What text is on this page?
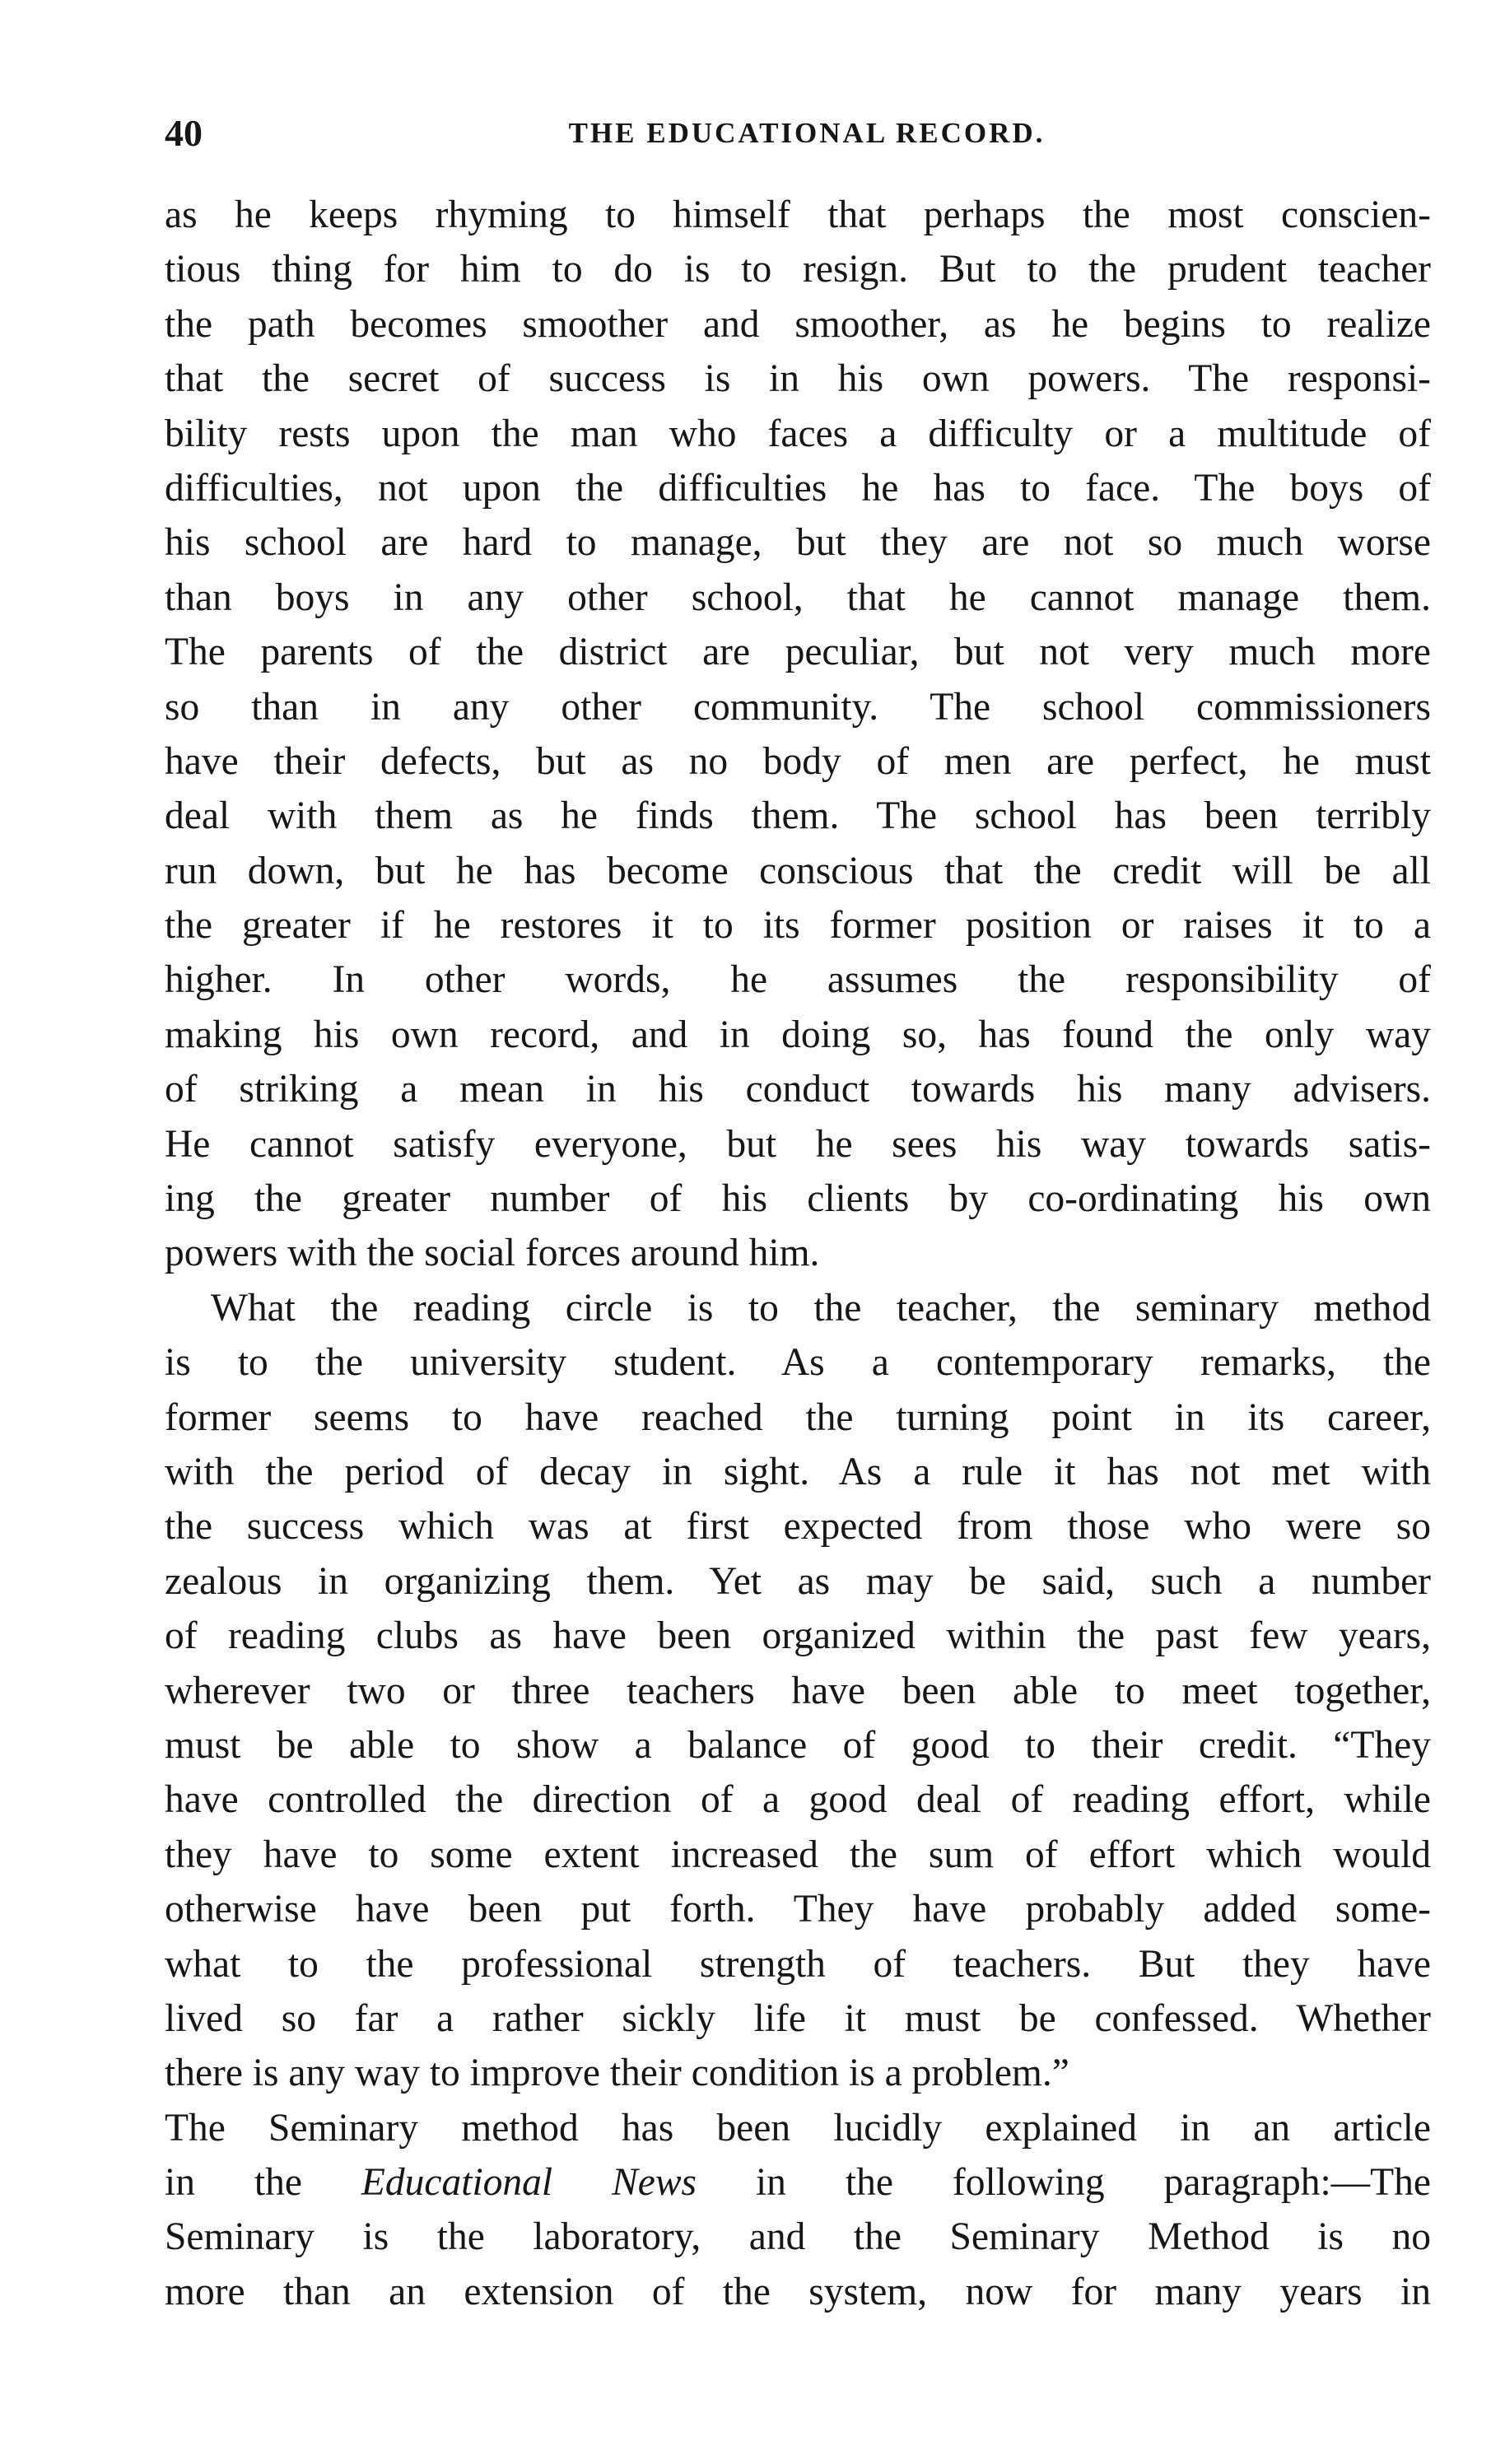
40	THE EDUCATIONAL RECORD.
as he keeps rhyming to himself that perhaps the most conscien-
tious thing for him to do is to resign. But to the prudent teacher
the path becomes smoother and smoother, as he begins to realize
that the secret of success is in his own powers. The responsi-
bility rests upon the man who faces a difficulty or a multitude of
difficulties, not upon the difficulties he has to face. The boys of
his school are hard to manage, but they are not so much worse
than boys in any other school, that he cannot manage them.
The parents of the district are peculiar, but not very much more
so than in any other community. The school commissioners
have their defects, but as no body of men are perfect, he must
deal with them as he finds them. The school has been terribly
run down, but he has become conscious that the credit will be all
the greater if he restores it to its former position or raises it to a
higher. In other words, he assumes the responsibility of
making his own record, and in doing so, has found the only way
of striking a mean in his conduct towards his many advisers.
He cannot satisfy everyone, but he sees his way towards satis-
ing the greater number of his clients by co-ordinating his own
powers with the social forces around him.
What the reading circle is to the teacher, the seminary method
is to the university student. As a contemporary remarks, the
former seems to have reached the turning point in its career,
with the period of decay in sight. As a rule it has not met with
the success which was at first expected from those who were so
zealous in organizing them. Yet as may be said, such a number
of reading clubs as have been organized within the past few years,
wherever two or three teachers have been able to meet together,
must be able to show a balance of good to their credit. “They
have controlled the direction of a good deal of reading effort, while
they have to some extent increased the sum of effort which would
otherwise have been put forth. They have probably added some-
what to the professional strength of teachers. But they have
lived so far a rather sickly life it must be confessed. Whether
there is any way to improve their condition is a problem.”
The Seminary method has been lucidly explained in an article
in the Educational News in the following paragraph:—The
Seminary is the laboratory, and the Seminary Method is no
more than an extension of the system, now for many years in
